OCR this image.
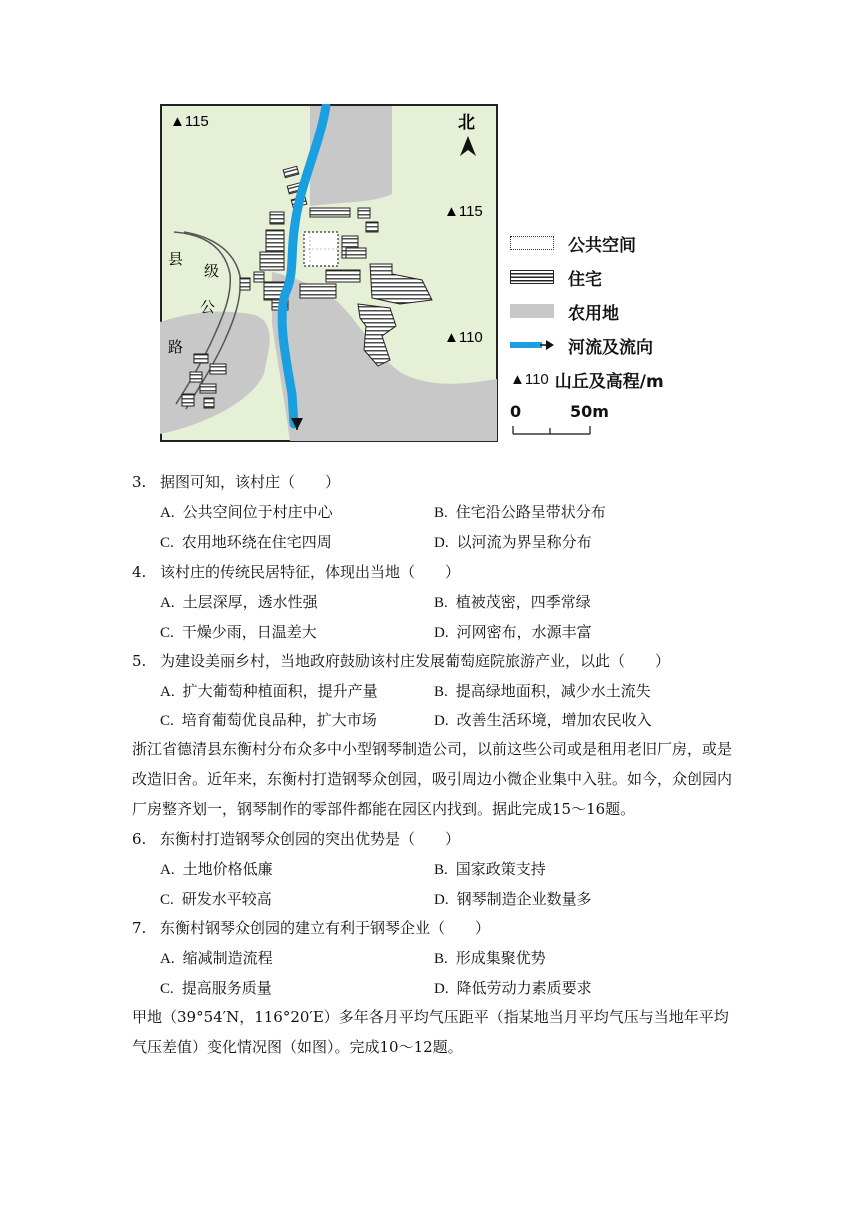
北
▲115
▲115
▲110
县
级
公
路
公共空间
住宅
农用地
河流及流向
▲110 山丘及高程/m
0	50m
3. 据图可知，该村庄（　　）
A. 公共空间位于村庄中心	B. 住宅沿公路呈带状分布
C. 农用地环绕在住宅四周	D. 以河流为界呈称分布
4. 该村庄的传统民居特征，体现出当地（　　）
A. 土层深厚，透水性强	B. 植被茂密，四季常绿
C. 干燥少雨，日温差大	D. 河网密布，水源丰富
5. 为建设美丽乡村，当地政府鼓励该村庄发展葡萄庭院旅游产业，以此（　　）
A. 扩大葡萄种植面积，提升产量	B. 提高绿地面积，减少水土流失
C. 培育葡萄优良品种，扩大市场	D. 改善生活环境，增加农民收入
浙江省德清县东衡村分布众多中小型钢琴制造公司，以前这些公司或是租用老旧厂房，或是改造旧舍。近年来，东衡村打造钢琴众创园，吸引周边小微企业集中入驻。如今，众创园内厂房整齐划一，钢琴制作的零部件都能在园区内找到。据此完成15～16题。
6. 东衡村打造钢琴众创园的突出优势是（　　）
A. 土地价格低廉	B. 国家政策支持
C. 研发水平较高	D. 钢琴制造企业数量多
7. 东衡村钢琴众创园的建立有利于钢琴企业（　　）
A. 缩减制造流程	B. 形成集聚优势
C. 提高服务质量	D. 降低劳动力素质要求
甲地（39°54′N，116°20′E）多年各月平均气压距平（指某地当月平均气压与当地年平均气压差值）变化情况图（如图）。完成10～12题。
